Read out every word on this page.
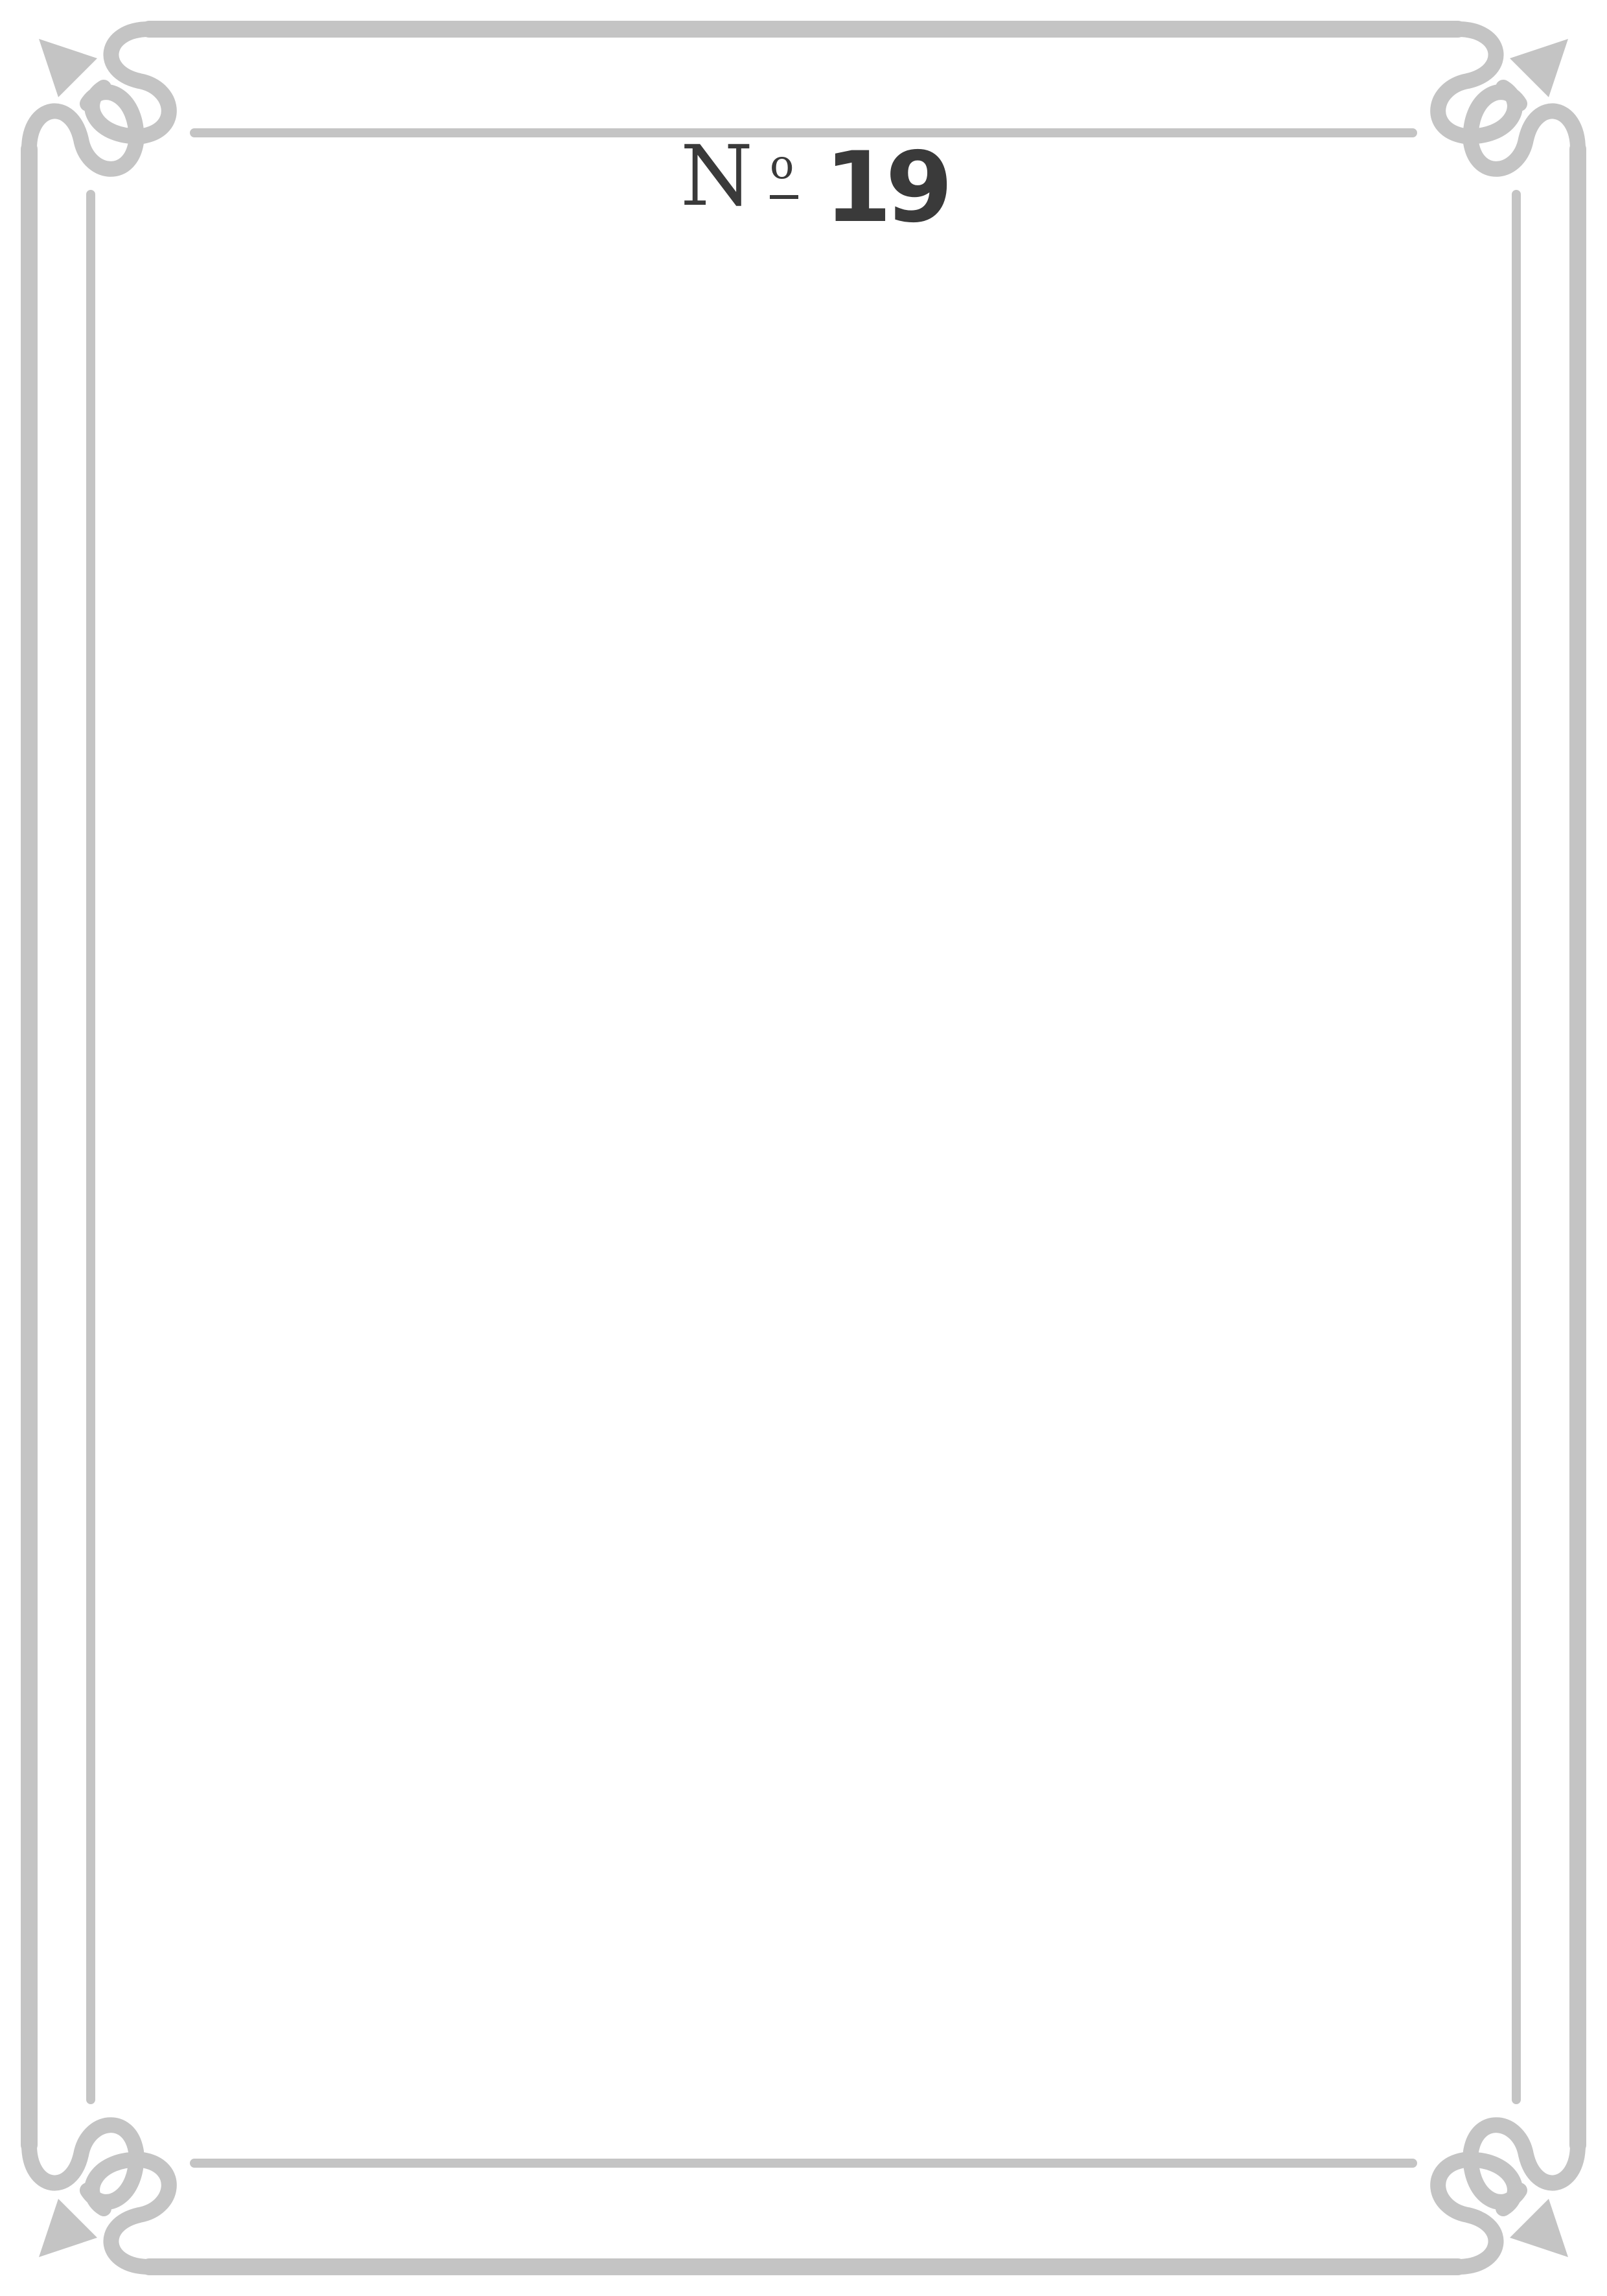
N o 19
